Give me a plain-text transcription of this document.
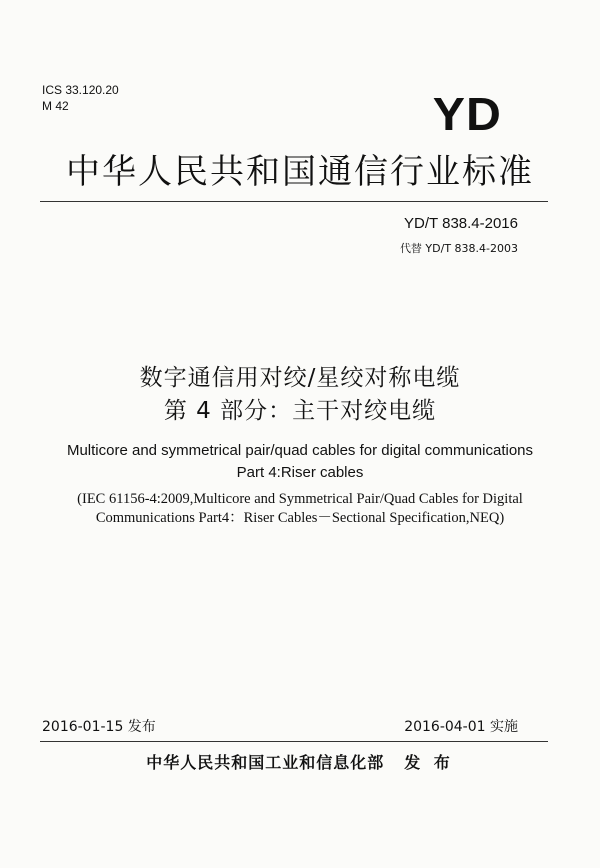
ICS 33.120.20
M 42	YD
中华人民共和国通信行业标准
YD/T 838.4-2016
代替 YD/T 838.4-2003
数字通信用对绞/星绞对称电缆
第 4 部分：主干对绞电缆
Multicore and symmetrical pair/quad cables for digital communications
Part 4:Riser cables
(IEC 61156-4:2009,Multicore and Symmetrical Pair/Quad Cables for Digital Communications Part4：Riser Cables－Sectional Specification,NEQ)
2016-01-15 发布	2016-04-01 实施
中华人民共和国工业和信息化部 发 布
